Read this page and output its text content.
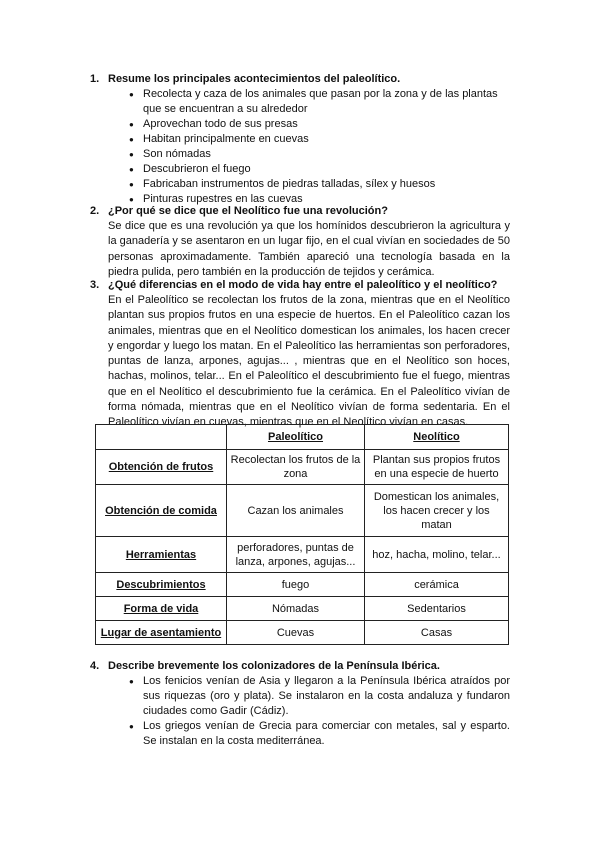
1. Resume los principales acontecimientos del paleolítico.
● Recolecta y caza de los animales que pasan por la zona y de las plantas que se encuentran a su alrededor
● Aprovechan todo de sus presas
● Habitan principalmente en cuevas
● Son nómadas
● Descubrieron el fuego
● Fabricaban instrumentos de piedras talladas, sílex y huesos
● Pinturas rupestres en las cuevas
2. ¿Por qué se dice que el Neolítico fue una revolución?
Se dice que es una revolución ya que los homínidos descubrieron la agricultura y la ganadería y se asentaron en un lugar fijo, en el cual vivían en sociedades de 50 personas aproximadamente. También apareció una tecnología basada en la piedra pulida, pero también en la producción de tejidos y cerámica.
3. ¿Qué diferencias en el modo de vida hay entre el paleolítico y el neolítico?
En el Paleolítico se recolectan los frutos de la zona, mientras que en el Neolítico plantan sus propios frutos en una especie de huertos. En el Paleolítico cazan los animales, mientras que en el Neolítico domestican los animales, los hacen crecer y engordar y luego los matan. En el Paleolítico las herramientas son perforadores, puntas de lanza, arpones, agujas... , mientras que en el Neolítico son hoces, hachas, molinos, telar... En el Paleolítico el descubrimiento fue el fuego, mientras que en el Neolítico el descubrimiento fue la cerámica. En el Paleolítico vivían de forma nómada, mientras que en el Neolítico vivían de forma sedentaria. En el Paleolítico vivían en cuevas, mientras que en el Neolítico vivían en casas.
	Paleolítico	Neolítico
Obtención de frutos	Recolectan los frutos de la zona	Plantan sus propios frutos en una especie de huerto
Obtención de comida	Cazan los animales	Domestican los animales, los hacen crecer y los matan
Herramientas	perforadores, puntas de lanza, arpones, agujas...	hoz, hacha, molino, telar...
Descubrimientos	fuego	cerámica
Forma de vida	Nómadas	Sedentarios
Lugar de asentamiento	Cuevas	Casas
4. Describe brevemente los colonizadores de la Península Ibérica.
● Los fenicios venían de Asia y llegaron a la Península Ibérica atraídos por sus riquezas (oro y plata). Se instalaron en la costa andaluza y fundaron ciudades como Gadir (Cádiz).
● Los griegos venían de Grecia para comerciar con metales, sal y esparto. Se instalan en la costa mediterránea.
